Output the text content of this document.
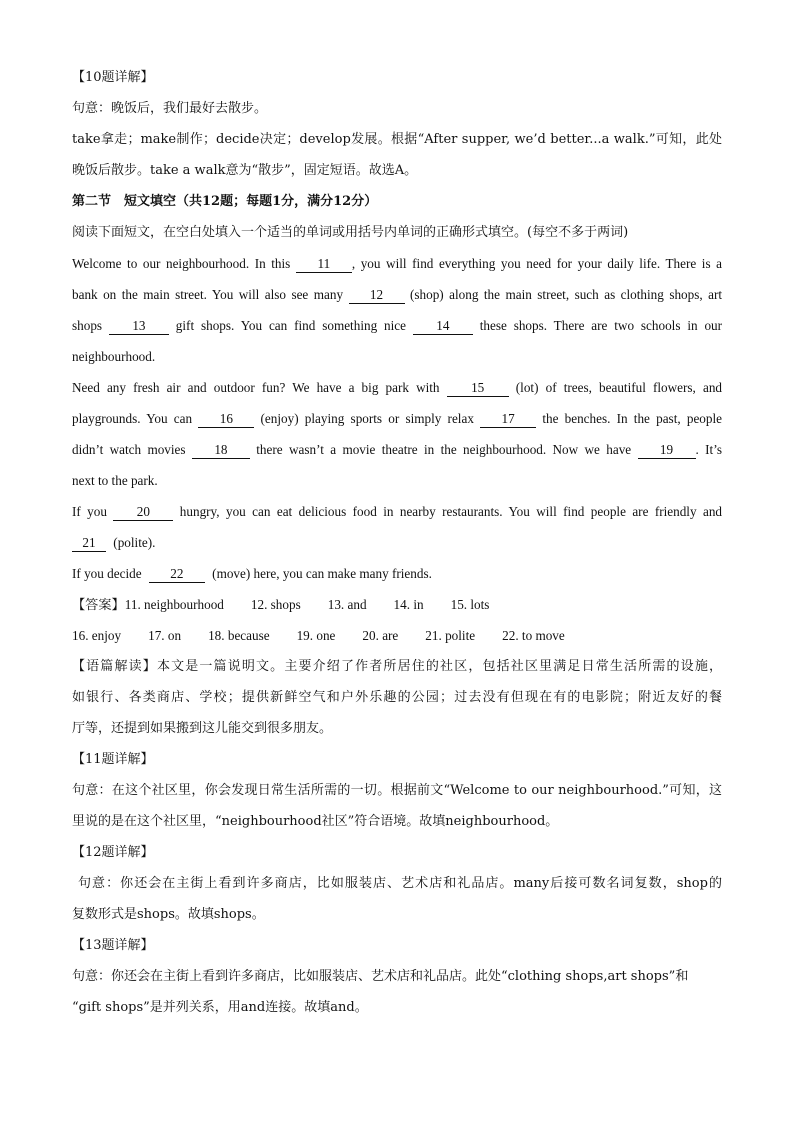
【10题详解】
句意：晚饭后，我们最好去散步。
take拿走；make制作；decide决定；develop发展。根据“After supper, we’d better...a walk.”可知，此处
晚饭后散步。take a walk意为“散步”，固定短语。故选A。
第二节　短文填空（共12题；每题1分，满分12分）
阅读下面短文，在空白处填入一个适当的单词或用括号内单词的正确形式填空。(每空不多于两词)
Welcome to our neighbourhood. In this 11 , you will find everything you need for your daily life. There is a
bank on the main street. You will also see many 12 (shop) along the main street, such as clothing shops, art
shops 13 gift shops. You can find something nice 14 these shops. There are two schools in our
neighbourhood.
Need any fresh air and outdoor fun? We have a big park with 15 (lot) of trees, beautiful flowers, and
playgrounds. You can 16 (enjoy) playing sports or simply relax 17 the benches. In the past, people
didn’t watch movies 18 there wasn’t a movie theatre in the neighbourhood. Now we have 19 . It’s
next to the park.
If you 20 hungry, you can eat delicious food in nearby restaurants. You will find people are friendly and
21 (polite).
If you decide 22 (move) here, you can make many friends.
【答案】11. neighbourhood 12. shops 13. and 14. in 15. lots
16. enjoy 17. on 18. because 19. one 20. are 21. polite 22. to move
【语篇解读】本文是一篇说明文。主要介绍了作者所居住的社区，包括社区里满足日常生活所需的设施，
如银行、各类商店、学校；提供新鲜空气和户外乐趣的公园；过去没有但现在有的电影院；附近友好的餐
厅等，还提到如果搬到这儿能交到很多朋友。
【11题详解】
句意：在这个社区里，你会发现日常生活所需的一切。根据前文“Welcome to our neighbourhood.”可知，这
里说的是在这个社区里，“neighbourhood社区”符合语境。故填neighbourhood。
【12题详解】
句意：你还会在主街上看到许多商店，比如服装店、艺术店和礼品店。many后接可数名词复数，shop的
复数形式是shops。故填shops。
【13题详解】
句意：你还会在主街上看到许多商店，比如服装店、艺术店和礼品店。此处“clothing shops,art shops”和
“gift shops”是并列关系，用and连接。故填and。
